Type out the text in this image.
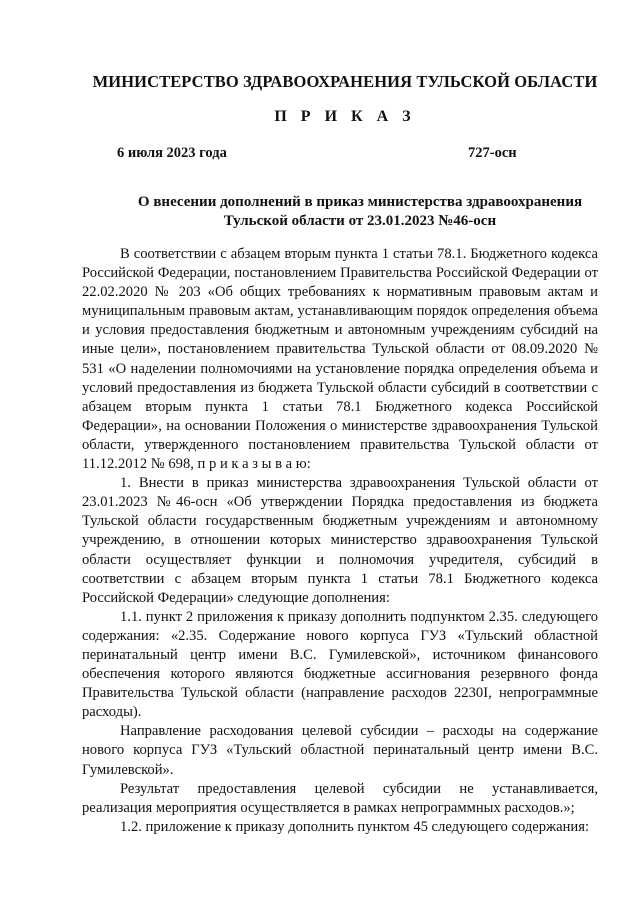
МИНИСТЕРСТВО ЗДРАВООХРАНЕНИЯ ТУЛЬСКОЙ ОБЛАСТИ
П Р И К А З
6 июля 2023 года	727-осн
О внесении дополнений в приказ министерства здравоохранения
Тульской области от 23.01.2023 №46-осн

В соответствии с абзацем вторым пункта 1 статьи 78.1. Бюджетного кодекса Российской Федерации, постановлением Правительства Российской Федерации от 22.02.2020 № 203 «Об общих требованиях к нормативным правовым актам и муниципальным правовым актам, устанавливающим порядок определения объема и условия предоставления бюджетным и автономным учреждениям субсидий на иные цели», постановлением правительства Тульской области от 08.09.2020 № 531 «О наделении полномочиями на установление порядка определения объема и условий предоставления из бюджета Тульской области субсидий в соответствии с абзацем вторым пункта 1 статьи 78.1 Бюджетного кодекса Российской Федерации», на основании Положения о министерстве здравоохранения Тульской области, утвержденного постановлением правительства Тульской области от 11.12.2012 № 698, п р и к а з ы в а ю:

1. Внести в приказ министерства здравоохранения Тульской области от 23.01.2023 №46-осн «Об утверждении Порядка предоставления из бюджета Тульской области государственным бюджетным учреждениям и автономному учреждению, в отношении которых министерство здравоохранения Тульской области осуществляет функции и полномочия учредителя, субсидий в соответствии с абзацем вторым пункта 1 статьи 78.1 Бюджетного кодекса Российской Федерации» следующие дополнения:

1.1. пункт 2 приложения к приказу дополнить подпунктом 2.35. следующего содержания: «2.35. Содержание нового корпуса ГУЗ «Тульский областной перинатальный центр имени В.С. Гумилевской», источником финансового обеспечения которого являются бюджетные ассигнования резервного фонда Правительства Тульской области (направление расходов 2230I, непрограммные расходы).

Направление расходования целевой субсидии – расходы на содержание нового корпуса ГУЗ «Тульский областной перинатальный центр имени В.С. Гумилевской».

Результат предоставления целевой субсидии не устанавливается, реализация мероприятия осуществляется в рамках непрограммных расходов.»;

1.2. приложение к приказу дополнить пунктом 45 следующего содержания:
